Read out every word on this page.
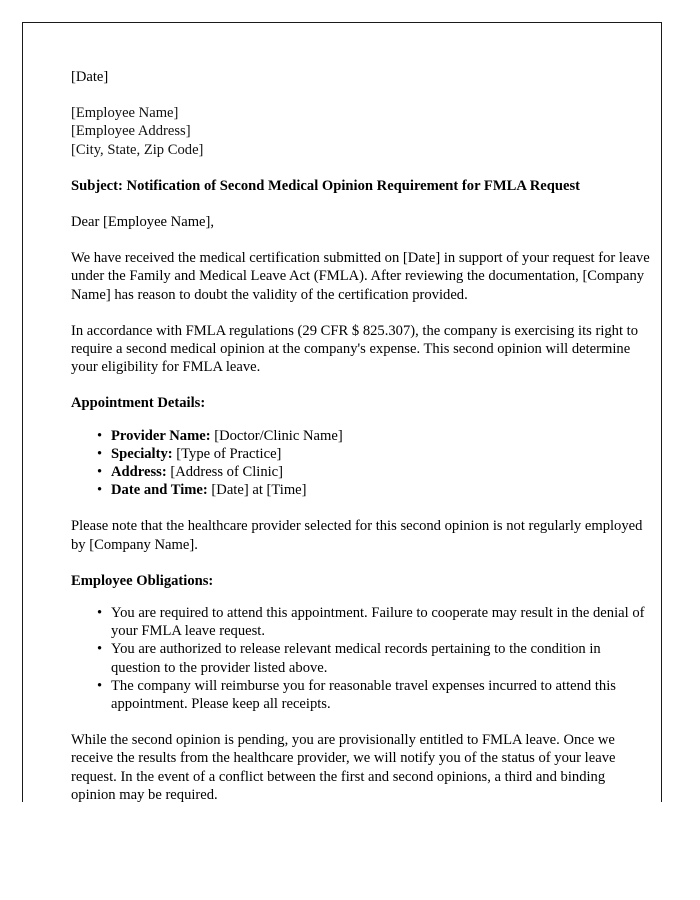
[Date]
[Employee Name]
[Employee Address]
[City, State, Zip Code]
Subject: Notification of Second Medical Opinion Requirement for FMLA Request
Dear [Employee Name],

We have received the medical certification submitted on [Date] in support of your request for leave under the Family and Medical Leave Act (FMLA). After reviewing the documentation, [Company Name] has reason to doubt the validity of the certification provided.

In accordance with FMLA regulations (29 CFR $ 825.307), the company is exercising its right to require a second medical opinion at the company's expense. This second opinion will determine your eligibility for FMLA leave.

Appointment Details:
• Provider Name: [Doctor/Clinic Name]
• Specialty: [Type of Practice]
• Address: [Address of Clinic]
• Date and Time: [Date] at [Time]

Please note that the healthcare provider selected for this second opinion is not regularly employed by [Company Name].

Employee Obligations:
• You are required to attend this appointment. Failure to cooperate may result in the denial of your FMLA leave request.
• You are authorized to release relevant medical records pertaining to the condition in question to the provider listed above.
• The company will reimburse you for reasonable travel expenses incurred to attend this appointment. Please keep all receipts.

While the second opinion is pending, you are provisionally entitled to FMLA leave. Once we receive the results from the healthcare provider, we will notify you of the status of your leave request. In the event of a conflict between the first and second opinions, a third and binding opinion may be required.
